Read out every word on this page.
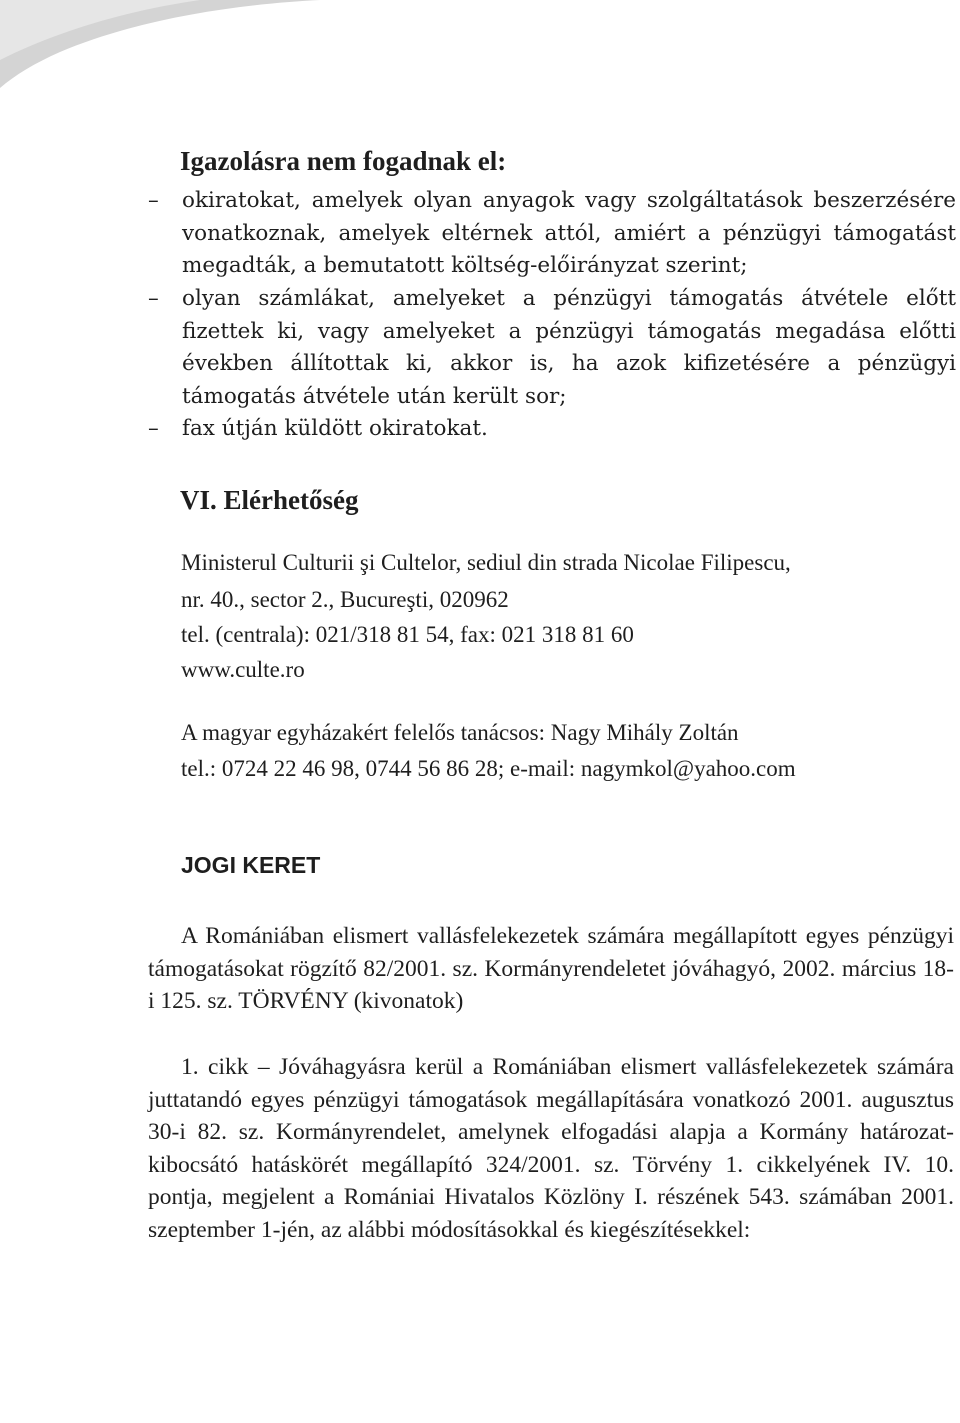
Igazolásra nem fogadnak el:

–	okiratokat, amelyek olyan anyagok vagy szolgáltatások beszerzésére vonatkoznak, amelyek eltérnek attól, amiért a pénzügyi támogatást megadták, a bemutatott költség-előirányzat szerint;
–	olyan számlákat, amelyeket a pénzügyi támogatás átvétele előtt fizettek ki, vagy amelyeket a pénzügyi támogatás megadása előtti években állítottak ki, akkor is, ha azok kifizetésére a pénzügyi támogatás átvétele után került sor;
–	fax útján küldött okiratokat.

VI. Elérhetőség

Ministerul Culturii şi Cultelor, sediul din strada Nicolae Filipescu,

nr. 40., sector 2., Bucureşti, 020962

tel. (centrala): 021/318 81 54, fax: 021 318 81 60

www.culte.ro

A magyar egyházakért felelős tanácsos: Nagy Mihály Zoltán

tel.: 0724 22 46 98, 0744 56 86 28; e-mail: nagymkol@yahoo.com

JOGI KERET

A Romániában elismert vallásfelekezetek számára megállapított egyes pénzügyi támogatásokat rögzítő 82/2001. sz. Kormányrendeletet jóváhagyó, 2002. március 18-i 125. sz. TÖRVÉNY (kivonatok)
1. cikk – Jóváhagyásra kerül a Romániában elismert vallásfelekezetek számára juttatandó egyes pénzügyi támogatások megállapítására vonatkozó 2001. augusztus 30-i 82. sz. Kormányrendelet, amelynek elfogadási alapja a Kormány határozat-kibocsátó hatáskörét megállapító 324/2001. sz. Törvény 1. cikkelyének IV. 10. pontja, megjelent a Romániai Hivatalos Közlöny I. részének 543. számában 2001. szeptember 1-jén, az alábbi módosításokkal és kiegészítésekkel:
